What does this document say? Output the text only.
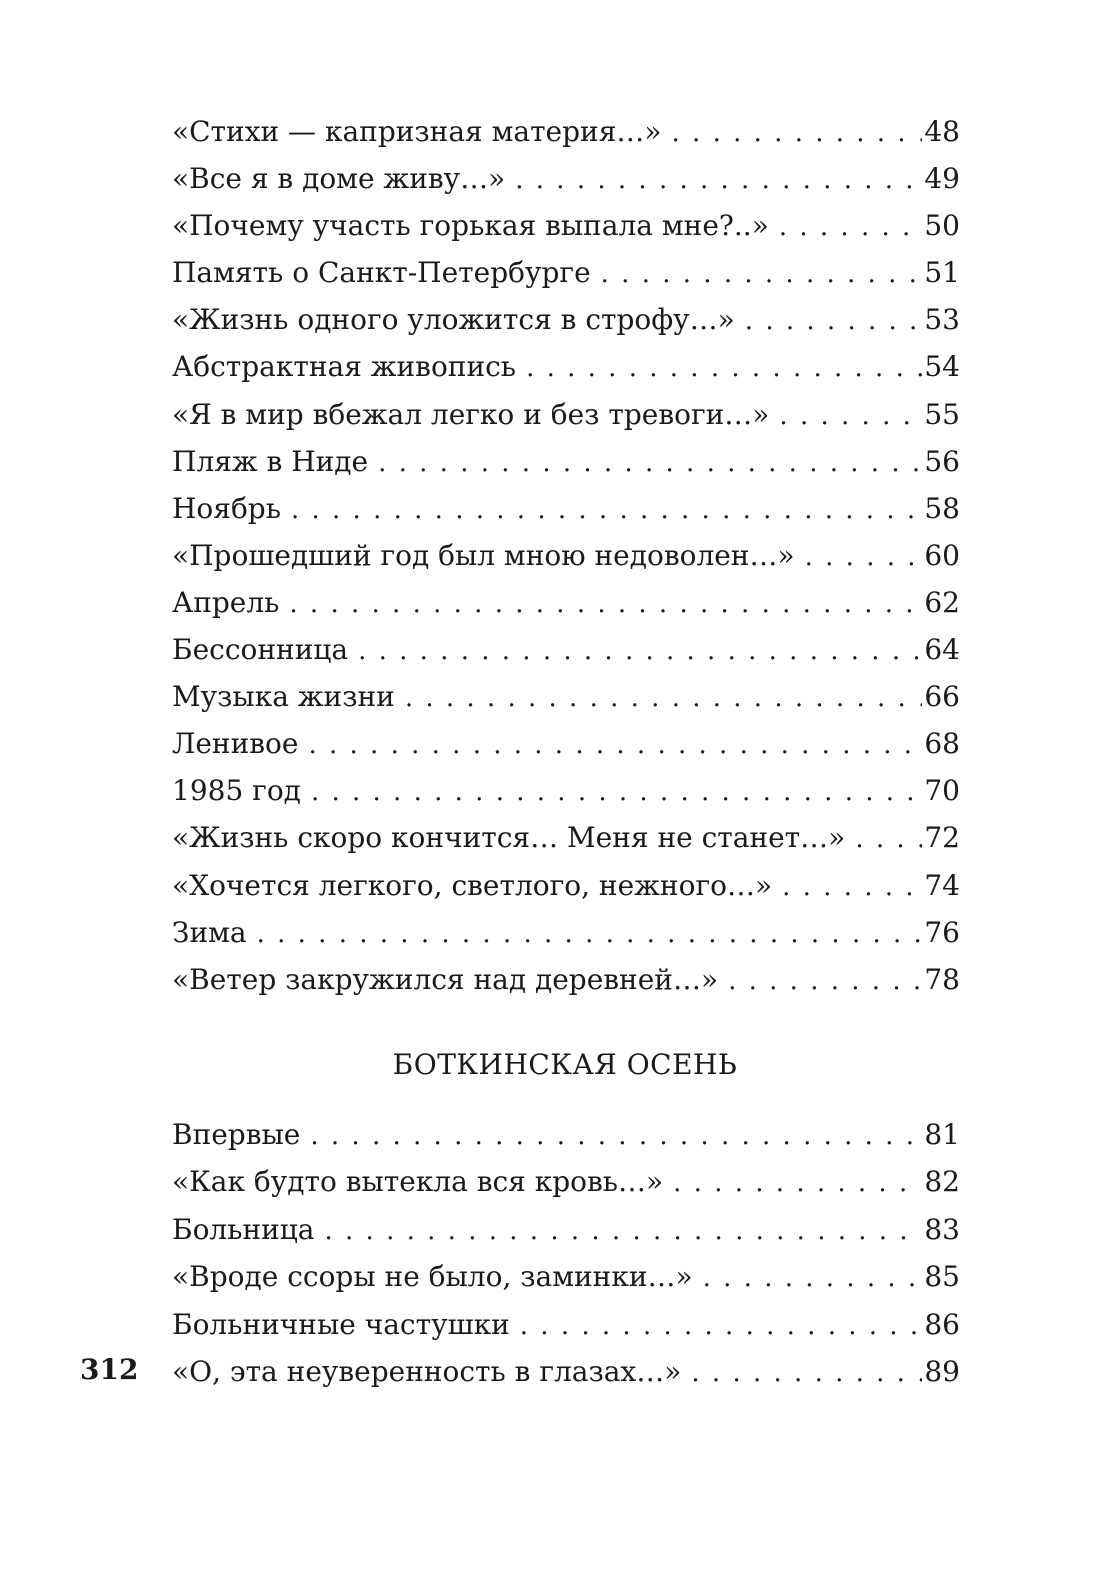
«Стихи — капризная материя…» . . .	48
«Все я в доме живу…» . . .	49
«Почему участь горькая выпала мне?..» . . .	50
Память о Санкт-Петербурге . . .	51
«Жизнь одного уложится в строфу…» . . .	53
Абстрактная живопись . . .	54
«Я в мир вбежал легко и без тревоги…» . . .	55
Пляж в Ниде . . .	56
Ноябрь . . .	58
«Прошедший год был мною недоволен…» . . .	60
Апрель . . .	62
Бессонница . . .	64
Музыка жизни . . .	66
Ленивое . . .	68
1985 год . . .	70
«Жизнь скоро кончится… Меня не станет…» . . .	72
«Хочется легкого, светлого, нежного…» . . .	74
Зима . . .	76
«Ветер закружился над деревней…» . . .	78
БОТКИНСКАЯ ОСЕНЬ
Впервые . . .	81
«Как будто вытекла вся кровь…» . . .	82
Больница . . .	83
«Вроде ссоры не было, заминки…» . . .	85
Больничные частушки . . .	86
«О, эта неуверенность в глазах…» . . .	89
312
